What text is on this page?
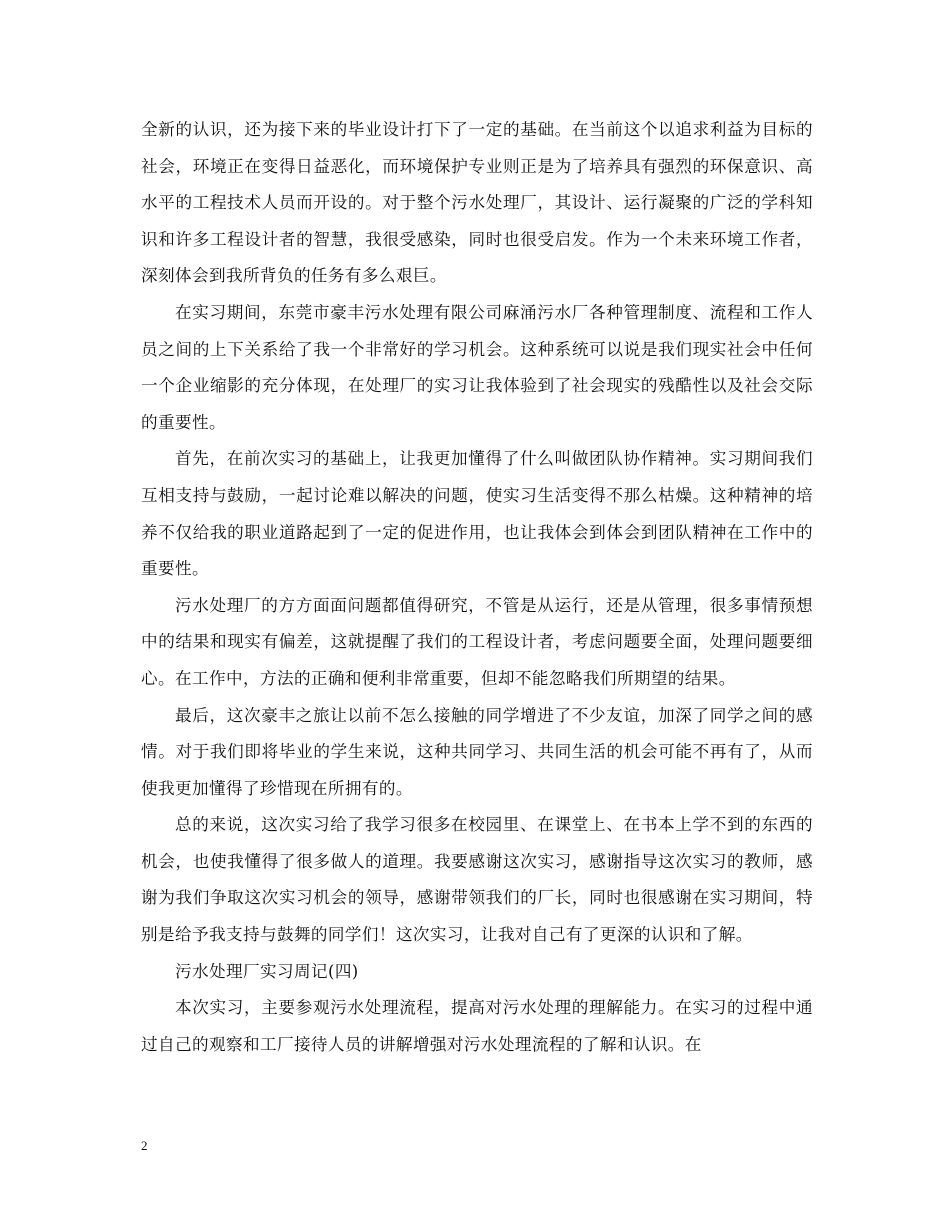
全新的认识，还为接下来的毕业设计打下了一定的基础。在当前这个以追求利益为目标的社会，环境正在变得日益恶化，而环境保护专业则正是为了培养具有强烈的环保意识、高水平的工程技术人员而开设的。对于整个污水处理厂，其设计、运行凝聚的广泛的学科知识和许多工程设计者的智慧，我很受感染，同时也很受启发。作为一个未来环境工作者，深刻体会到我所背负的任务有多么艰巨。

在实习期间，东莞市豪丰污水处理有限公司麻涌污水厂各种管理制度、流程和工作人员之间的上下关系给了我一个非常好的学习机会。这种系统可以说是我们现实社会中任何一个企业缩影的充分体现，在处理厂的实习让我体验到了社会现实的残酷性以及社会交际的重要性。

首先，在前次实习的基础上，让我更加懂得了什么叫做团队协作精神。实习期间我们互相支持与鼓励，一起讨论难以解决的问题，使实习生活变得不那么枯燥。这种精神的培养不仅给我的职业道路起到了一定的促进作用，也让我体会到体会到团队精神在工作中的重要性。

污水处理厂的方方面面问题都值得研究，不管是从运行，还是从管理，很多事情预想中的结果和现实有偏差，这就提醒了我们的工程设计者，考虑问题要全面，处理问题要细心。在工作中，方法的正确和便利非常重要，但却不能忽略我们所期望的结果。

最后，这次豪丰之旅让以前不怎么接触的同学增进了不少友谊，加深了同学之间的感情。对于我们即将毕业的学生来说，这种共同学习、共同生活的机会可能不再有了，从而使我更加懂得了珍惜现在所拥有的。

总的来说，这次实习给了我学习很多在校园里、在课堂上、在书本上学不到的东西的机会，也使我懂得了很多做人的道理。我要感谢这次实习，感谢指导这次实习的教师，感谢为我们争取这次实习机会的领导，感谢带领我们的厂长，同时也很感谢在实习期间，特别是给予我支持与鼓舞的同学们！这次实习，让我对自己有了更深的认识和了解。

污水处理厂实习周记(四)

本次实习，主要参观污水处理流程，提高对污水处理的理解能力。在实习的过程中通过自己的观察和工厂接待人员的讲解增强对污水处理流程的了解和认识。在

2
